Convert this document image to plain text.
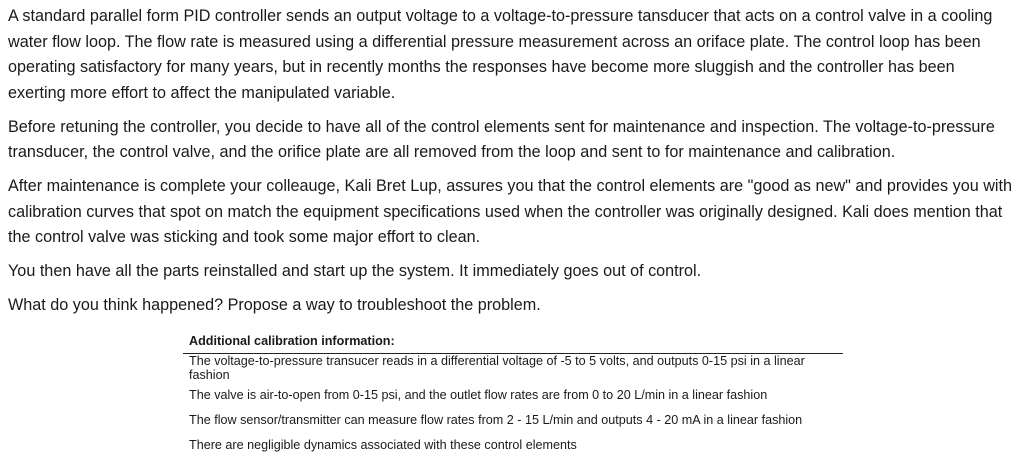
A standard parallel form PID controller sends an output voltage to a voltage-to-pressure tansducer that acts on a control valve in a cooling water flow loop. The flow rate is measured using a differential pressure measurement across an oriface plate. The control loop has been operating satisfactory for many years, but in recently months the responses have become more sluggish and the controller has been exerting more effort to affect the manipulated variable.

Before retuning the controller, you decide to have all of the control elements sent for maintenance and inspection. The voltage-to-pressure transducer, the control valve, and the orifice plate are all removed from the loop and sent to for maintenance and calibration.

After maintenance is complete your colleauge, Kali Bret Lup, assures you that the control elements are "good as new" and provides you with calibration curves that spot on match the equipment specifications used when the controller was originally designed. Kali does mention that the control valve was sticking and took some major effort to clean.

You then have all the parts reinstalled and start up the system. It immediately goes out of control.

What do you think happened? Propose a way to troubleshoot the problem.

Additional calibration information:
The voltage-to-pressure transucer reads in a differential voltage of -5 to 5 volts, and outputs 0-15 psi in a linear fashion
The valve is air-to-open from 0-15 psi, and the outlet flow rates are from 0 to 20 L/min in a linear fashion
The flow sensor/transmitter can measure flow rates from 2 - 15 L/min and outputs 4 - 20 mA in a linear fashion
There are negligible dynamics associated with these control elements
